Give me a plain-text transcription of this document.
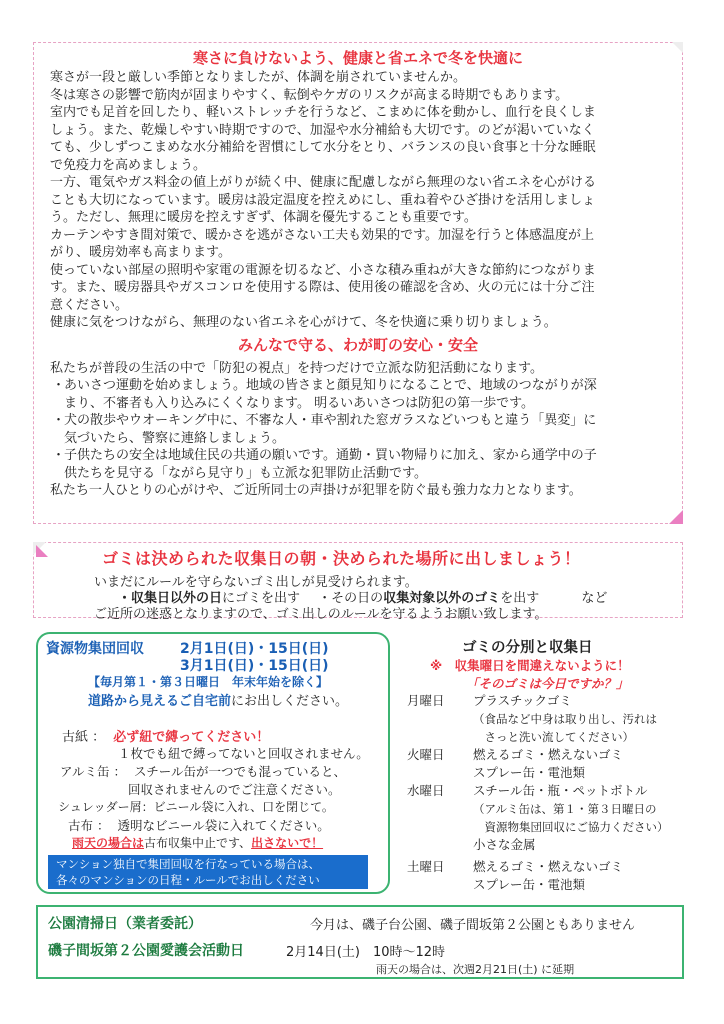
寒さに負けないよう、健康と省エネで冬を快適に

寒さが一段と厳しい季節となりましたが、体調を崩されていませんか。

冬は寒さの影響で筋肉が固まりやすく、転倒やケガのリスクが高まる時期でもあります。

室内でも足首を回したり、軽いストレッチを行うなど、こまめに体を動かし、血行を良くしま

しょう。また、乾燥しやすい時期ですので、加湿や水分補給も大切です。のどが渇いていなく

ても、少しずつこまめな水分補給を習慣にして水分をとり、バランスの良い食事と十分な睡眠

で免疫力を高めましょう。

一方、電気やガス料金の値上がりが続く中、健康に配慮しながら無理のない省エネを心がける

ことも大切になっています。暖房は設定温度を控えめにし、重ね着やひざ掛けを活用しましょ

う。ただし、無理に暖房を控えすぎず、体調を優先することも重要です。

カーテンやすき間対策で、暖かさを逃がさない工夫も効果的です。加湿を行うと体感温度が上

がり、暖房効率も高まります。

使っていない部屋の照明や家電の電源を切るなど、小さな積み重ねが大きな節約につながりま

す。また、暖房器具やガスコンロを使用する際は、使用後の確認を含め、火の元には十分ご注

意ください。

健康に気をつけながら、無理のない省エネを心がけて、冬を快適に乗り切りましょう。

みんなで守る、わが町の安心・安全

私たちが普段の生活の中で「防犯の視点」を持つだけで立派な防犯活動になります。

・
あいさつ運動を始めましょう。地域の皆さまと顔見知りになることで、地域のつながりが深
まり、不審者も入り込みにくくなります。 明るいあいさつは防犯の第一歩です。
・
犬の散歩やウオーキング中に、不審な人・車や割れた窓ガラスなどいつもと違う「異変」に
気づいたら、警察に連絡しましょう。
・
子供たちの安全は地域住民の共通の願いです。通勤・買い物帰りに加え、家から通学中の子
供たちを見守る「ながら見守り」も立派な犯罪防止活動です。

私たち一人ひとりの心がけや、ご近所同士の声掛けが犯罪を防ぐ最も強力な力となります。

ゴミは決められた収集日の朝・決められた場所に出しましょう！
いまだにルールを守らないゴミ出しが見受けられます。
・収集日以外の日にゴミを出す ・その日の収集対象以外のゴミを出す	など
ご近所の迷惑となりますので、ゴミ出しのルールを守るようお願い致します。
資源物集団回収	2月1日(日)・15日(日)
3月1日(日)・15日(日)
【毎月第１・第３日曜日　年末年始を除く】
道路から見えるご自宅前にお出しください。
古紙 ： 必ず紐で縛ってください！
１枚でも紐で縛ってないと回収されません。
アルミ缶 ： スチール缶が一つでも混っていると、
回収されませんのでご注意ください。
シュレッダー屑：ビニール袋に入れ、口を閉じて。
古布 ： 透明なビニール袋に入れてください。
雨天の場合は古布収集中止です、出さないで！
マンション独自で集団回収を行なっている場合は、
各々のマンションの日程・ルールでお出しください
ゴミの分別と収集日
※　収集曜日を間違えないように！
「そのゴミは今日ですか？」
月曜日	プラスチックゴミ
（食品など中身は取り出し、汚れは
　さっと洗い流してください）
火曜日	燃えるゴミ・燃えないゴミ
スプレー缶・電池類
水曜日	スチール缶・瓶・ペットボトル
（アルミ缶は、第１・第３日曜日の
　資源物集団回収にご協力ください）
小さな金属
土曜日	燃えるゴミ・燃えないゴミ
スプレー缶・電池類
公園清掃日（業者委託）	今月は、磯子台公園、磯子間坂第２公園ともありません
磯子間坂第２公園愛護会活動日	2月14日(土)　10時～12時
雨天の場合は、次週2月21日(土) に延期
